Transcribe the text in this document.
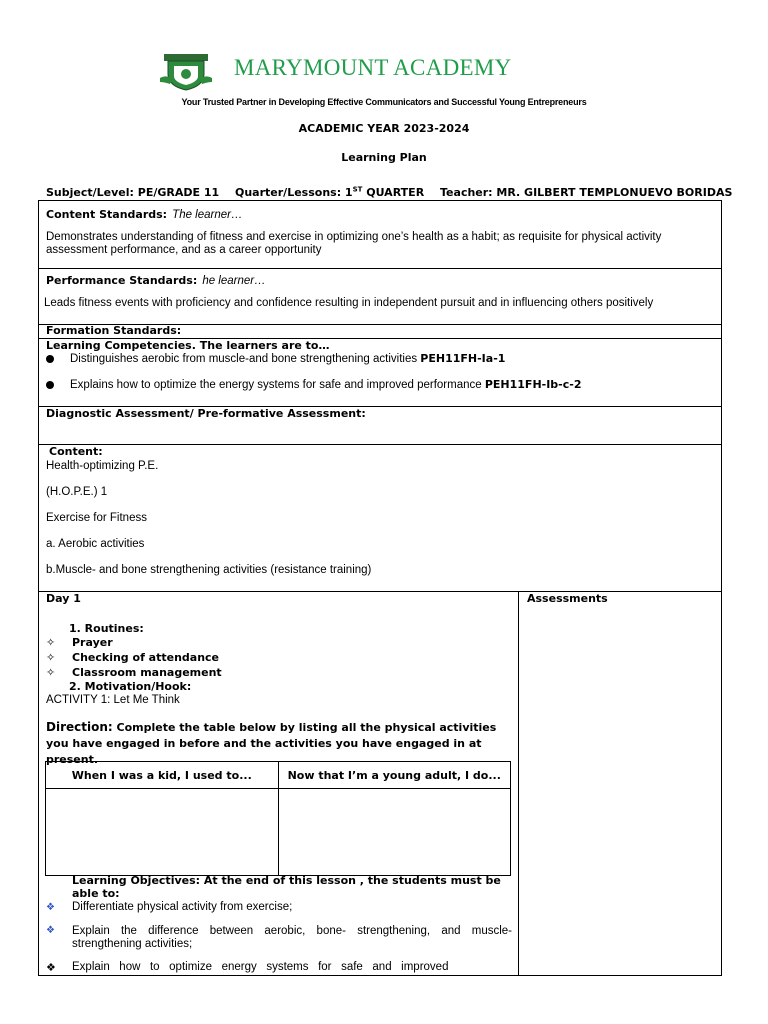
MARYMOUNT ACADEMY
Your Trusted Partner in Developing Effective Communicators and Successful Young Entrepreneurs
ACADEMIC YEAR 2023-2024
Learning Plan
Subject/Level: PE/GRADE 11 Quarter/Lessons: 1ST QUARTER Teacher: MR. GILBERT TEMPLONUEVO BORIDAS
Content Standards: The learner…
Demonstrates understanding of fitness and exercise in optimizing one’s health as a habit; as requisite for physical activity assessment performance, and as a career opportunity
Performance Standards: he learner…
Leads fitness events with proficiency and confidence resulting in independent pursuit and in influencing others positively
Formation Standards:
Learning Competencies. The learners are to…
Distinguishes aerobic from muscle-and bone strengthening activities PEH11FH-Ia-1
Explains how to optimize the energy systems for safe and improved performance PEH11FH-Ib-c-2
Diagnostic Assessment/ Pre-formative Assessment:
Content:
Health-optimizing P.E.
(H.O.P.E.) 1
Exercise for Fitness
a. Aerobic activities
b.Muscle- and bone strengthening activities (resistance training)
Day 1
1. Routines:
✧ Prayer
✧ Checking of attendance
✧ Classroom management
2. Motivation/Hook:
ACTIVITY 1: Let Me Think
Direction: Complete the table below by listing all the physical activities you have engaged in before and the activities you have engaged in at present.
When I was a kid, I used to...	Now that I’m a young adult, I do...

Learning Objectives: At the end of this lesson , the students must be able to:
❖ Differentiate physical activity from exercise;
❖	Explain the difference between aerobic, bone- strengthening, and muscle-strengthening activities;
❖ Explain   how   to   optimize   energy   systems   for   safe   and   improved
Assessments
